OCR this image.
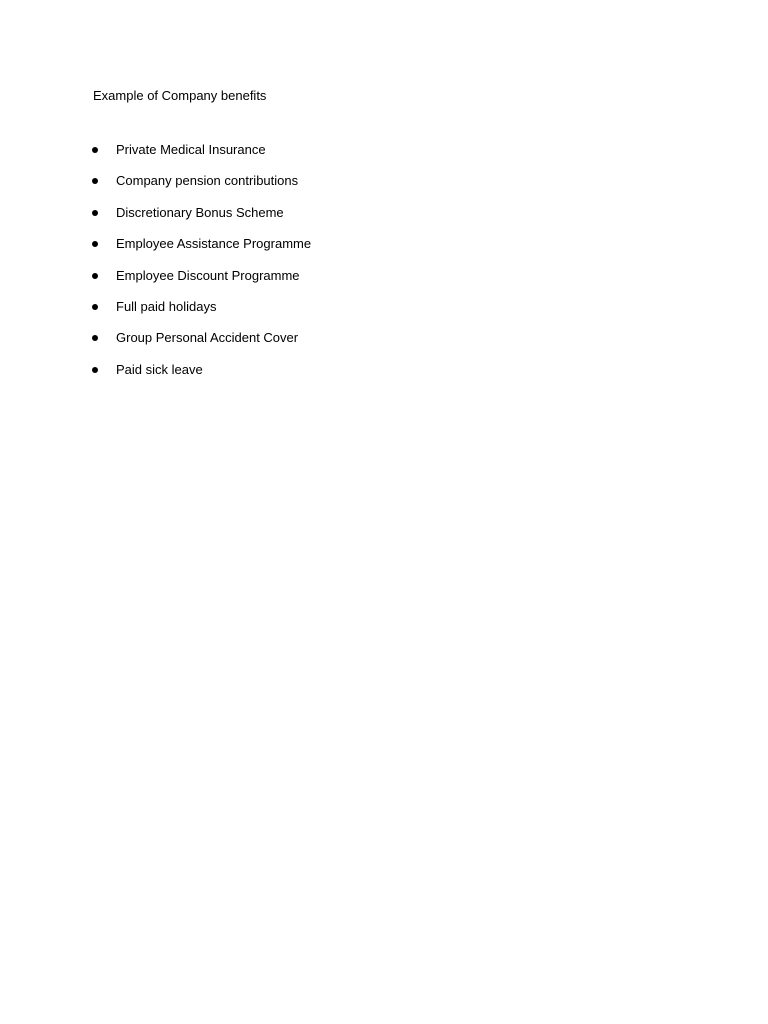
Example of Company benefits
Private Medical Insurance
Company pension contributions
Discretionary Bonus Scheme
Employee Assistance Programme
Employee Discount Programme
Full paid holidays
Group Personal Accident Cover
Paid sick leave
